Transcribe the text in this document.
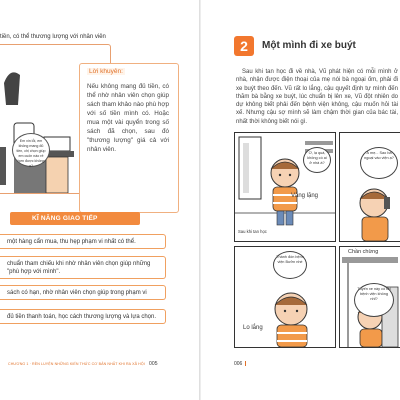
tiền, có thể thương lượng với nhân viên
Em xin lỗi, em không mang đủ tiền, chị chọn giúp em cuốn nào rẻ hơn được không ạ?
Lời khuyên:
Nếu không mang đủ tiền, có thể nhờ nhân viên chọn giúp sách tham khảo nào phù hợp với số tiền mình có. Hoặc mua một vài quyển trong số sách đã chọn, sau đó "thương lượng" giá cả với nhân viên.
KĨ NĂNG GIAO TIẾP
một hàng cẩn mua, thu hẹp phạm vi nhất có thể.
chuẩn tham chiếu khi nhờ nhân viên chọn giúp những "phù hợp với mình".
sách có hạn, nhờ nhân viên chọn giúp trong phạm vi
đủ tiền thanh toán, học cách thương lượng và lựa chọn.
CHƯƠNG 1 · RÈN LUYỆN NHỮNG KIẾN THỨC CƠ BẢN NHẤT KHI RA XÃ HỘI 005
2	Một mình đi xe buýt
Sau khi tan học đi về nhà, Vũ phát hiện có mỗi mình ở nhà, nhận được điện thoại của mẹ nói bà ngoại ốm, phải đi xe buýt theo đến. Vũ rất lo lắng, cậu quyết định tự mình đến thăm bà bằng xe buýt, lúc chuẩn bị lên xe, Vũ đột nhiên do dự không biết phải đến bệnh viện không, cậu muốn hỏi tài xế. Nhưng cậu sợ mình sẽ làm chậm thời gian của bác tài, nhất thời không biết nói gì.
Ơ, lạ quá, không có ai ở nhà à?
Vắng lặng
Sau khi tan học
À mẹ... Sao bà ngoại vào viện ạ?
Thành đón bệnh viện Bưởn nhé
Lo lắng
Chần chừng
Tuyến xe này có tới bệnh viện không nhỉ?
006
